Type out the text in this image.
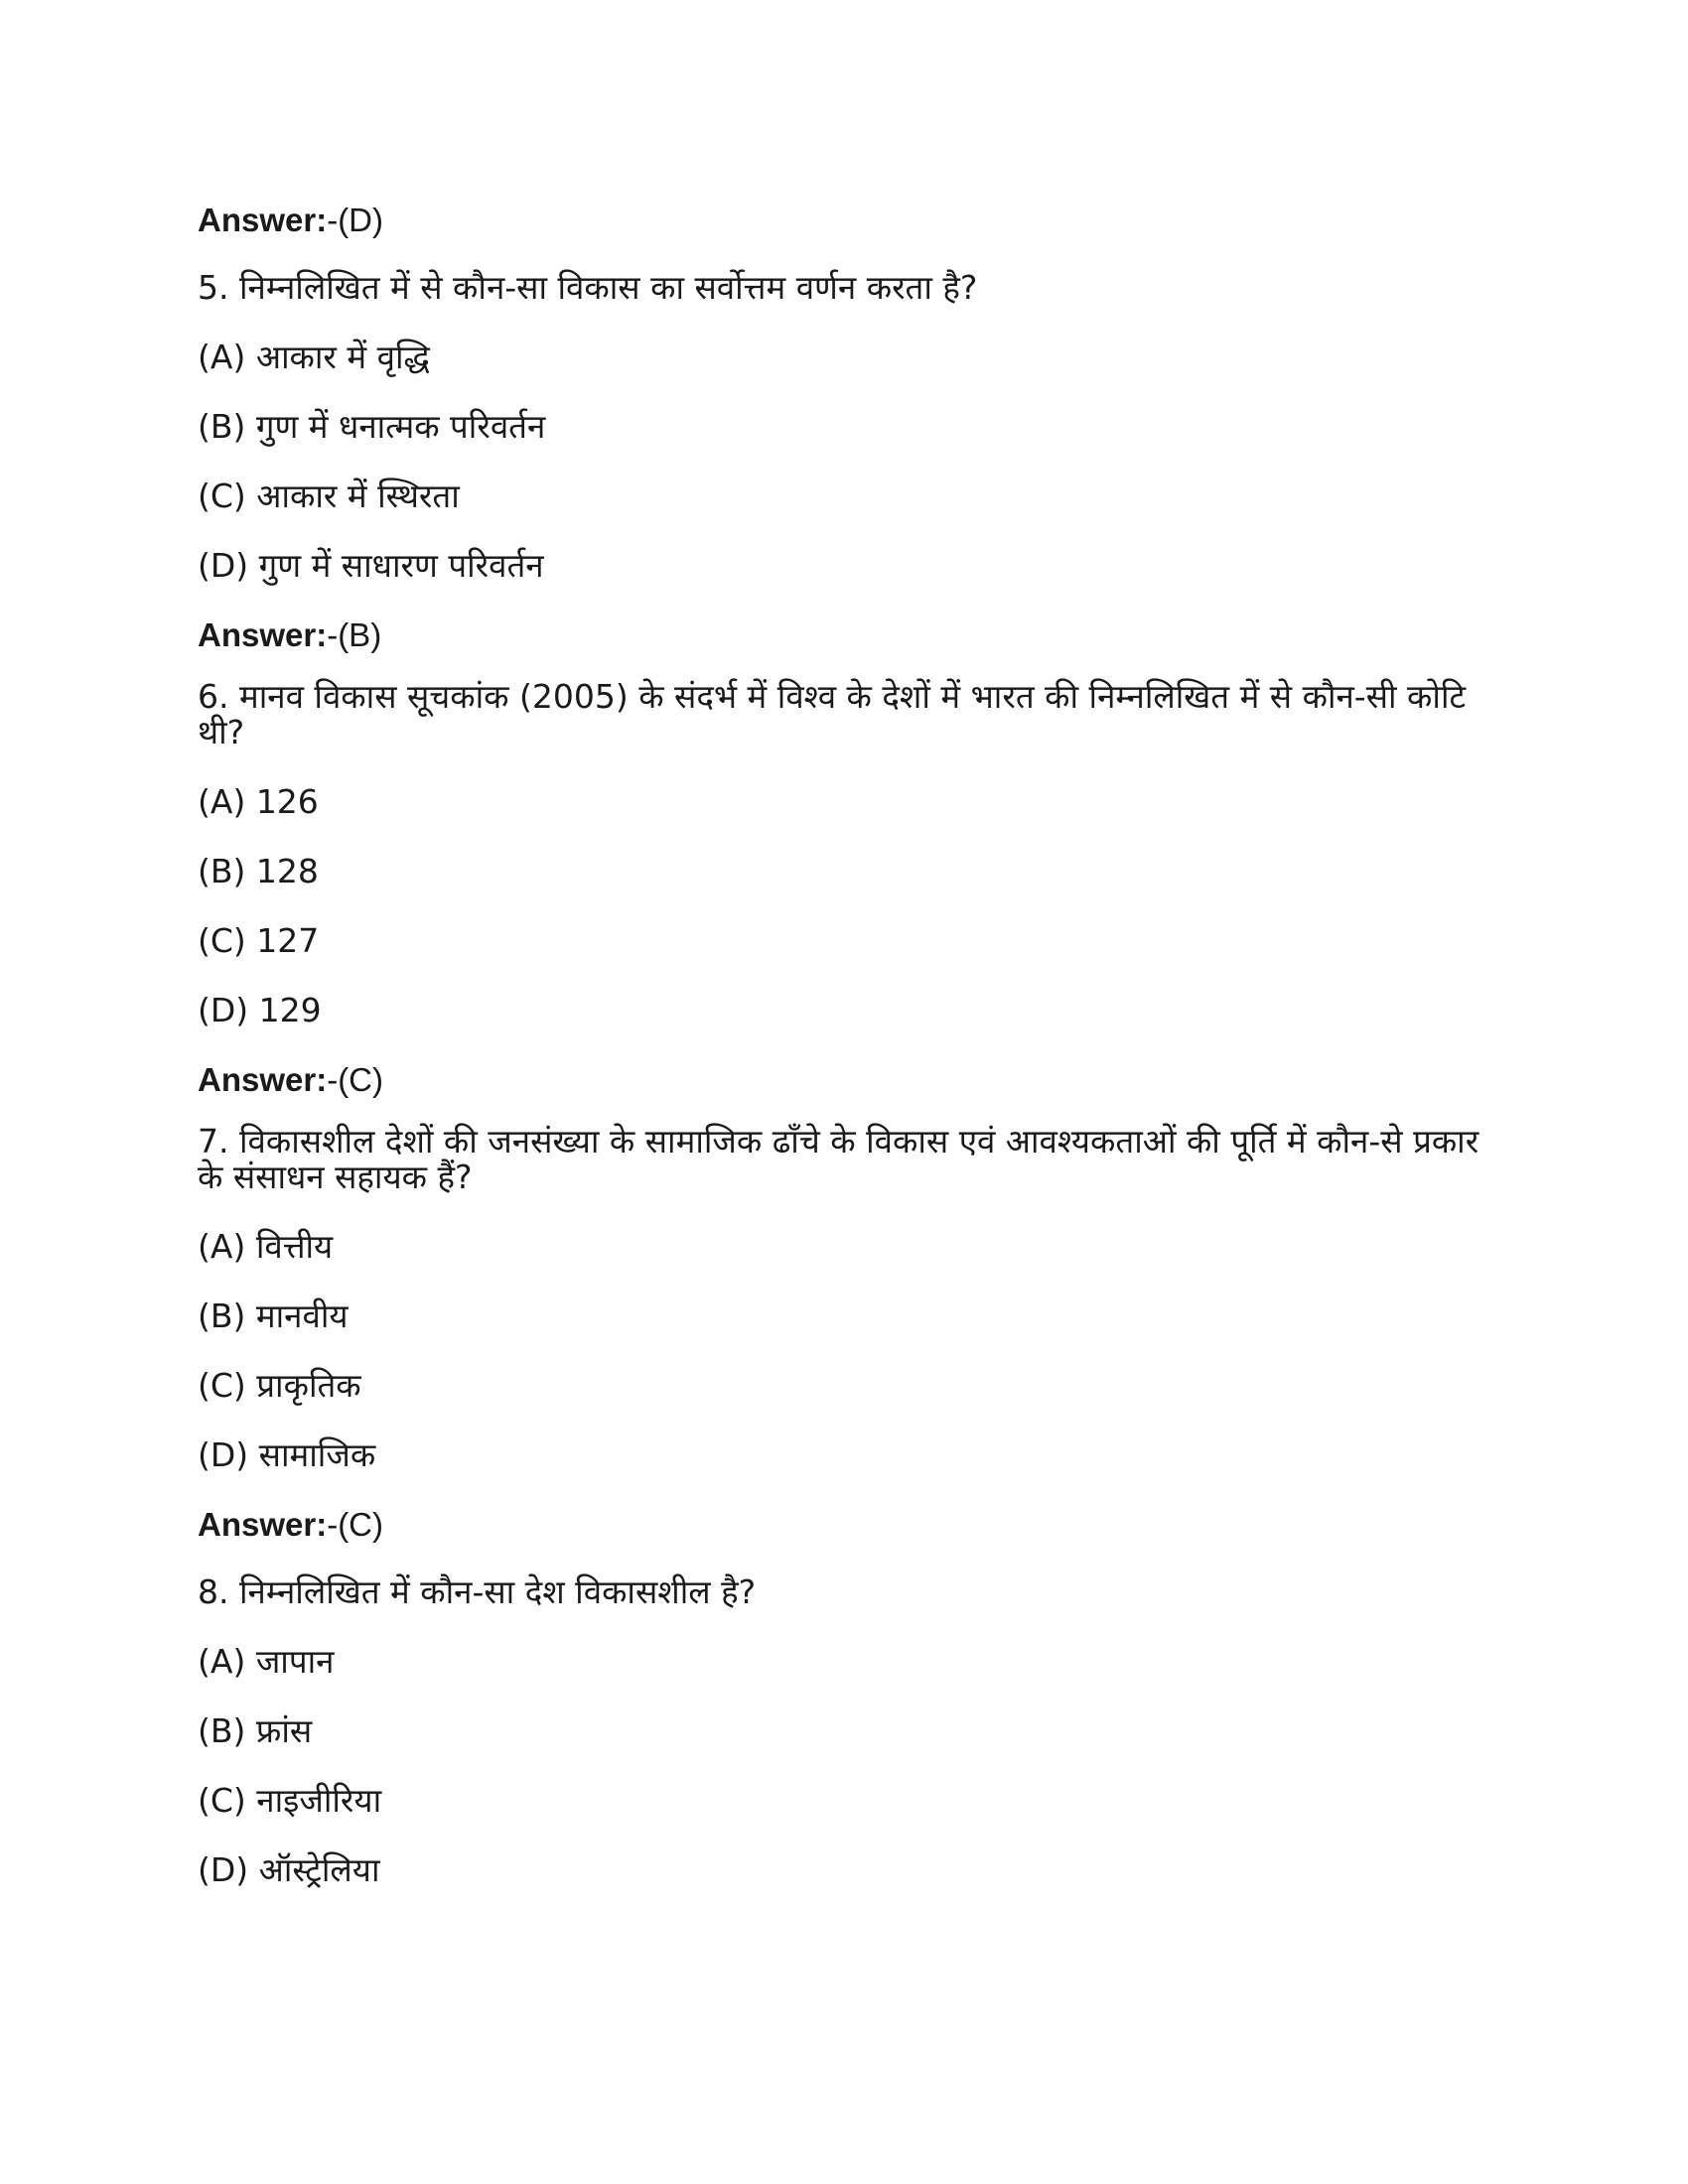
Answer:-(D)
5. निम्नलिखित में से कौन-सा विकास का सर्वोत्तम वर्णन करता है?
(A) आकार में वृद्धि
(B) गुण में धनात्मक परिवर्तन
(C) आकार में स्थिरता
(D) गुण में साधारण परिवर्तन
Answer:-(B)
6. मानव विकास सूचकांक (2005) के संदर्भ में विश्व के देशों में भारत की निम्नलिखित में से कौन-सी कोटि थी?
(A) 126
(B) 128
(C) 127
(D) 129
Answer:-(C)
7. विकासशील देशों की जनसंख्या के सामाजिक ढाँचे के विकास एवं आवश्यकताओं की पूर्ति में कौन-से प्रकार के संसाधन सहायक हैं?
(A) वित्तीय
(B) मानवीय
(C) प्राकृतिक
(D) सामाजिक
Answer:-(C)
8. निम्नलिखित में कौन-सा देश विकासशील है?
(A) जापान
(B) फ्रांस
(C) नाइजीरिया
(D) ऑस्ट्रेलिया
